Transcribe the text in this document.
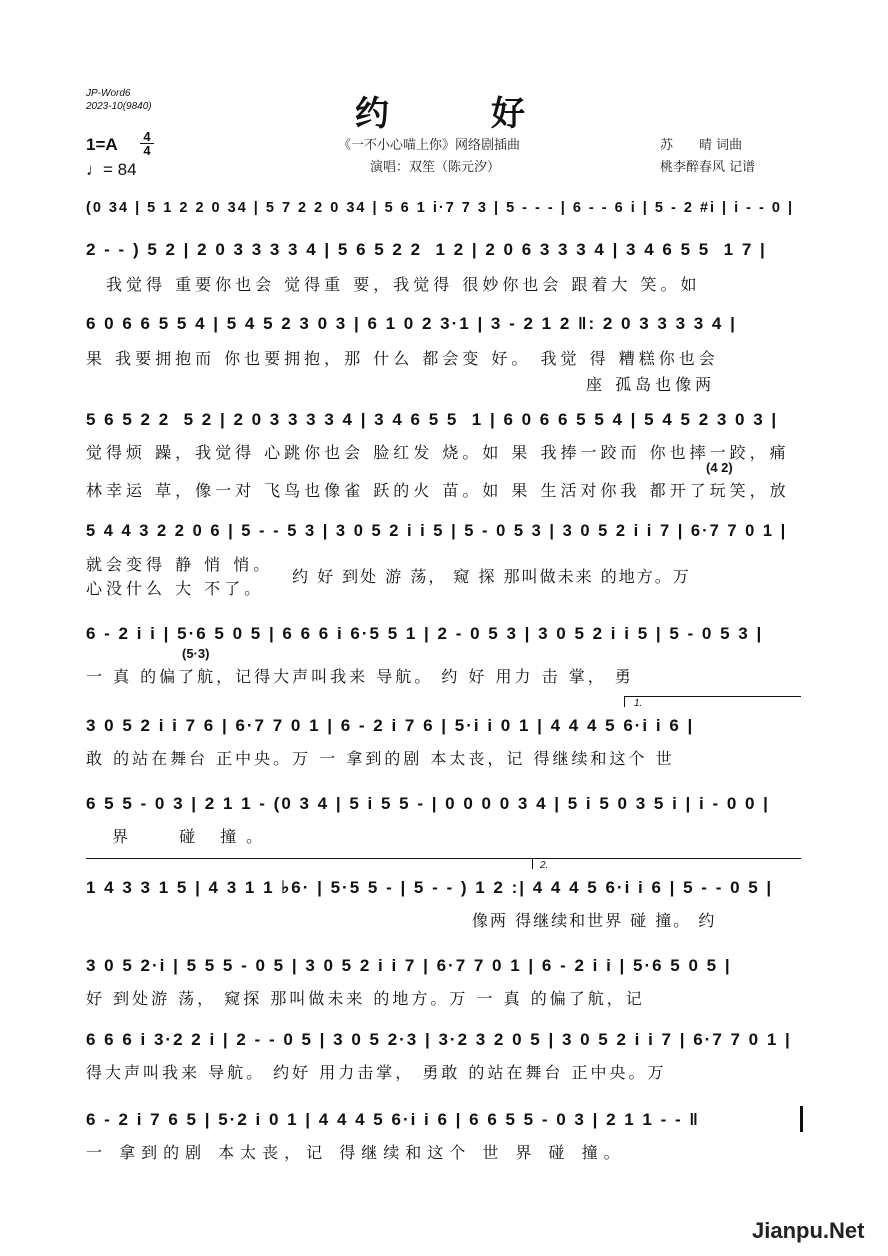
JP-Word6
2023-10(9840)	约　好
《一不小心喵上你》网络剧插曲
演唱：双笙（陈元汐）
苏　　晴 词曲
桃李醉春风 记谱
1=A 4
4
♩= 84
(0 34 | 5 1 2 2 0 34 | 5 7 2 2 0 34 | 5 6 1 i·7 7 3 | 5 - - - | 6 - - 6 i | 5 - 2 #i | i - - 0 |
2 - - ) 5 2 | 2 0 3 3 3 3 4 | 5 6 5 2 2  1 2 | 2 0 6 3 3 3 4 | 3 4 6 5 5  1 7 |
　我觉得 重要你也会 觉得重 要，我觉得 很妙你也会 跟着大 笑。如
6 0 6 6 5 5 4 | 5 4 5 2 3 0 3 | 6 1 0 2 3·1 | 3 - 2 1 2 ‖: 2 0 3 3 3 3 4 |
果 我要拥抱而 你也要拥抱，那 什么 都会变 好。 我觉 得 糟糕你也会
　　　　　　　　　　　　　　　　　　　　　　　　　座 孤岛也像两
5 6 5 2 2  5 2 | 2 0 3 3 3 3 4 | 3 4 6 5 5  1 | 6 0 6 6 5 5 4 | 5 4 5 2 3 0 3 |
觉得烦 躁，我觉得 心跳你也会 脸红发 烧。如 果 我捧一跤而 你也摔一跤，痛
(4 2)
林幸运 草，像一对 飞鸟也像雀 跃的火 苗。如 果 生活对你我 都开了玩笑，放
5 4 4 3 2 2 0 6 | 5 - - 5 3 | 3 0 5 2 i i 5 | 5 - 0 5 3 | 3 0 5 2 i i 7 | 6·7 7 0 1 |
就会变得 静 悄 悄。
心没什么 大 不了。
约 好 到处 游 荡， 窥 探 那叫做未来 的地方。万
6 - 2 i i | 5·6 5 0 5 | 6 6 6 i 6·5 5 1 | 2 - 0 5 3 | 3 0 5 2 i i 5 | 5 - 0 5 3 |
(5·3)
一 真 的偏了航，记得大声叫我来 导航。 约 好 用力 击 掌， 勇
1.
3 0 5 2 i i 7 6 | 6·7 7 0 1 | 6 - 2 i 7 6 | 5·i i 0 1 | 4 4 4 5 6·i i 6 |
敢 的站在舞台 正中央。万 一 拿到的剧 本太丧，记 得继续和这个 世
6 5 5 - 0 3 | 2 1 1 - (0 3 4 | 5 i 5 5 - | 0 0 0 0 3 4 | 5 i 5 0 3 5 i | i - 0 0 |
　界　 碰 撞。
2.
1 4 3 3 1 5 | 4 3 1 1 ♭6· | 5·5 5 - | 5 - - ) 1 2 :| 4 4 4 5 6·i i 6 | 5 - - 0 5 |
像两 得继续和世界 碰 撞。 约
3 0 5 2·i | 5 5 5 - 0 5 | 3 0 5 2 i i 7 | 6·7 7 0 1 | 6 - 2 i i | 5·6 5 0 5 |
好 到处游 荡， 窥探 那叫做未来 的地方。万 一 真 的偏了航，记
6 6 6 i 3·2 2 i | 2 - - 0 5 | 3 0 5 2·3 | 3·2 3 2 0 5 | 3 0 5 2 i i 7 | 6·7 7 0 1 |
得大声叫我来 导航。 约好 用力击掌， 勇敢 的站在舞台 正中央。万
6 - 2 i 7 6 5 | 5·2 i 0 1 | 4 4 4 5 6·i i 6 | 6 6 5 5 - 0 3 | 2 1 1 - - ‖
一 拿到的剧 本太丧，记 得继续和这个 世 界 碰 撞。
Jianpu.Net
